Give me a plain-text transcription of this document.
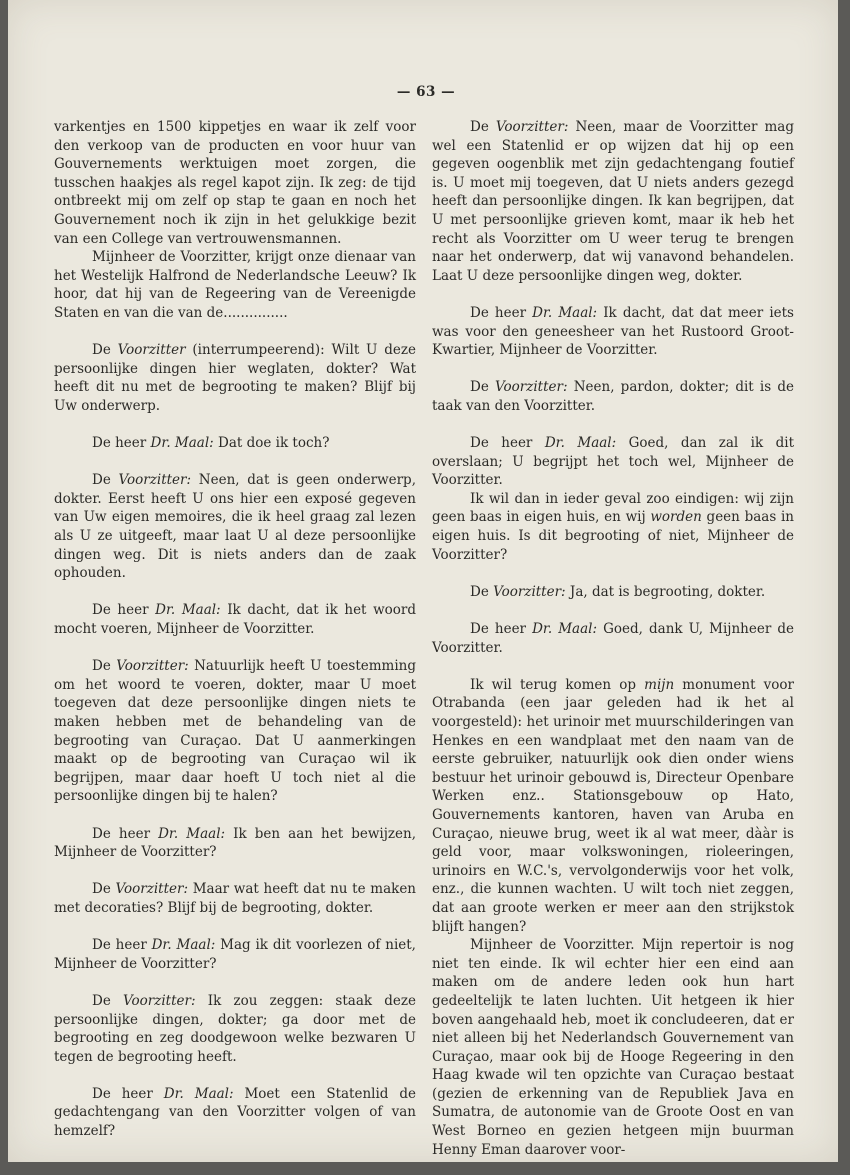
— 63 —

varkentjes en 1500 kippetjes en waar ik zelf voor den verkoop van de producten en voor huur van Gouvernements werktuigen moet zorgen, die tusschen haakjes als regel kapot zijn. Ik zeg: de tijd ontbreekt mij om zelf op stap te gaan en noch het Gouvernement noch ik zijn in het gelukkige bezit van een College van vertrouwensmannen.

Mijnheer de Voorzitter, krijgt onze dienaar van het Westelijk Halfrond de Nederlandsche Leeuw? Ik hoor, dat hij van de Regeering van de Vereenigde Staten en van die van de...............

De Voorzitter (interrumpeerend): Wilt U deze persoonlijke dingen hier weglaten, dokter? Wat heeft dit nu met de begrooting te maken? Blijf bij Uw onderwerp.

De heer Dr. Maal: Dat doe ik toch?

De Voorzitter: Neen, dat is geen onderwerp, dokter. Eerst heeft U ons hier een exposé gegeven van Uw eigen memoires, die ik heel graag zal lezen als U ze uitgeeft, maar laat U al deze persoonlijke dingen weg. Dit is niets anders dan de zaak ophouden.

De heer Dr. Maal: Ik dacht, dat ik het woord mocht voeren, Mijnheer de Voorzitter.

De Voorzitter: Natuurlijk heeft U toestemming om het woord te voeren, dokter, maar U moet toegeven dat deze persoonlijke dingen niets te maken hebben met de behandeling van de begrooting van Curaçao. Dat U aanmerkingen maakt op de begrooting van Curaçao wil ik begrijpen, maar daar hoeft U toch niet al die persoonlijke dingen bij te halen?

De heer Dr. Maal: Ik ben aan het bewijzen, Mijnheer de Voorzitter?

De Voorzitter: Maar wat heeft dat nu te maken met decoraties? Blijf bij de begrooting, dokter.

De heer Dr. Maal: Mag ik dit voorlezen of niet, Mijnheer de Voorzitter?

De Voorzitter: Ik zou zeggen: staak deze persoonlijke dingen, dokter; ga door met de begrooting en zeg doodgewoon welke bezwaren U tegen de begrooting heeft.

De heer Dr. Maal: Moet een Statenlid de gedachtengang van den Voorzitter volgen of van hemzelf?

De Voorzitter: Neen, maar de Voorzitter mag wel een Statenlid er op wijzen dat hij op een gegeven oogenblik met zijn gedachtengang foutief is. U moet mij toegeven, dat U niets anders gezegd heeft dan persoonlijke dingen. Ik kan begrijpen, dat U met persoonlijke grieven komt, maar ik heb het recht als Voorzitter om U weer terug te brengen naar het onderwerp, dat wij vanavond behandelen. Laat U deze persoonlijke dingen weg, dokter.

De heer Dr. Maal: Ik dacht, dat dat meer iets was voor den geneesheer van het Rustoord Groot-Kwartier, Mijnheer de Voorzitter.

De Voorzitter: Neen, pardon, dokter; dit is de taak van den Voorzitter.

De heer Dr. Maal: Goed, dan zal ik dit overslaan; U begrijpt het toch wel, Mijnheer de Voorzitter.

Ik wil dan in ieder geval zoo eindigen: wij zijn geen baas in eigen huis, en wij worden geen baas in eigen huis. Is dit begrooting of niet, Mijnheer de Voorzitter?

De Voorzitter: Ja, dat is begrooting, dokter.

De heer Dr. Maal: Goed, dank U, Mijnheer de Voorzitter.

Ik wil terug komen op mijn monument voor Otrabanda (een jaar geleden had ik het al voorgesteld): het urinoir met muurschilderingen van Henkes en een wandplaat met den naam van de eerste gebruiker, natuurlijk ook dien onder wiens bestuur het urinoir gebouwd is, Directeur Openbare Werken enz.. Stationsgebouw op Hato, Gouvernements kantoren, haven van Aruba en Curaçao, nieuwe brug, weet ik al wat meer, dààr is geld voor, maar volkswoningen, rioleeringen, urinoirs en W.C.'s, vervolgonderwijs voor het volk, enz., die kunnen wachten. U wilt toch niet zeggen, dat aan groote werken er meer aan den strijkstok blijft hangen?

Mijnheer de Voorzitter. Mijn repertoir is nog niet ten einde. Ik wil echter hier een eind aan maken om de andere leden ook hun hart gedeeltelijk te laten luchten. Uit hetgeen ik hier boven aangehaald heb, moet ik concludeeren, dat er niet alleen bij het Nederlandsch Gouvernement van Curaçao, maar ook bij de Hooge Regeering in den Haag kwade wil ten opzichte van Curaçao bestaat (gezien de erkenning van de Republiek Java en Sumatra, de autonomie van de Groote Oost en van West Borneo en gezien hetgeen mijn buurman Henny Eman daarover voor-
